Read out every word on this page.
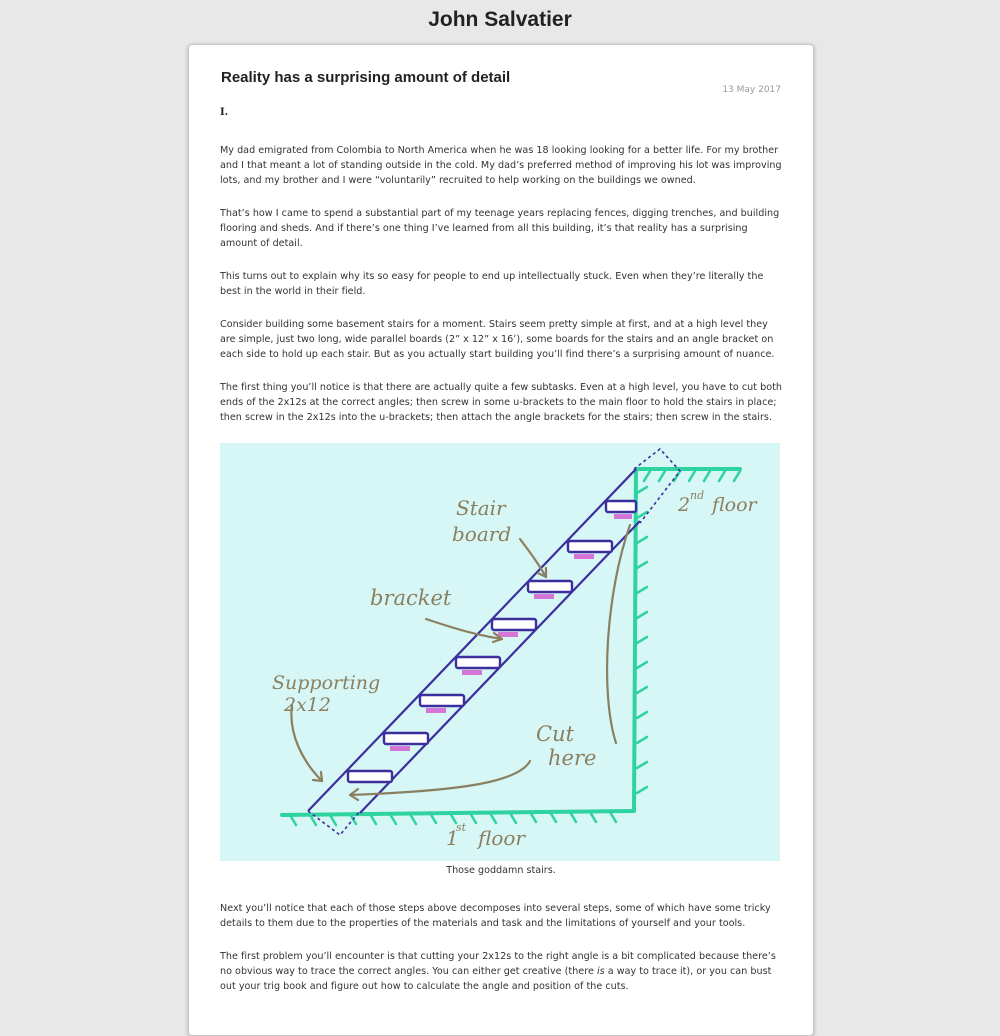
John Salvatier
Reality has a surprising amount of detail
13 May 2017
I.

My dad emigrated from Colombia to North America when he was 18 looking looking for a better life. For my brother and I that meant a lot of standing outside in the cold. My dad’s preferred method of improving his lot was improving lots, and my brother and I were “voluntarily” recruited to help working on the buildings we owned.

That’s how I came to spend a substantial part of my teenage years replacing fences, digging trenches, and building flooring and sheds. And if there’s one thing I’ve learned from all this building, it’s that reality has a surprising amount of detail.

This turns out to explain why its so easy for people to end up intellectually stuck. Even when they’re literally the best in the world in their field.

Consider building some basement stairs for a moment. Stairs seem pretty simple at first, and at a high level they are simple, just two long, wide parallel boards (2” x 12” x 16’), some boards for the stairs and an angle bracket on each side to hold up each stair. But as you actually start building you’ll find there’s a surprising amount of nuance.

The first thing you’ll notice is that there are actually quite a few subtasks. Even at a high level, you have to cut both ends of the 2x12s at the correct angles; then screw in some u-brackets to the main floor to hold the stairs in place; then screw in the 2x12s into the u-brackets; then attach the angle brackets for the stairs; then screw in the stairs.

Stair
board
bracket
Supporting
2x12
Cut
here
2 nd floor
1
st floor
Those goddamn stairs.

Next you’ll notice that each of those steps above decomposes into several steps, some of which have some tricky details to them due to the properties of the materials and task and the limitations of yourself and your tools.

The first problem you’ll encounter is that cutting your 2x12s to the right angle is a bit complicated because there’s no obvious way to trace the correct angles. You can either get creative (there is a way to trace it), or you can bust out your trig book and figure out how to calculate the angle and position of the cuts.
